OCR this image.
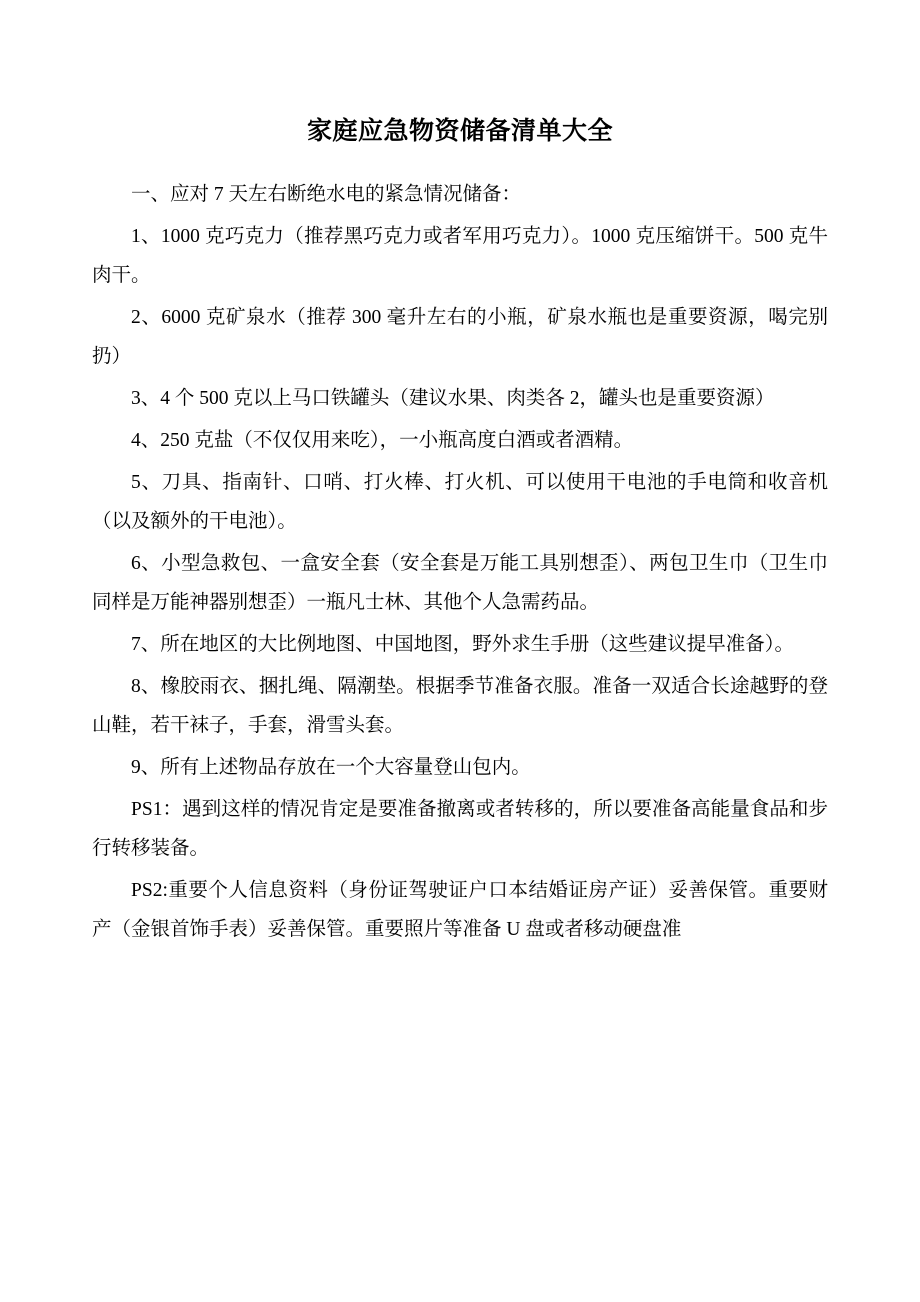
家庭应急物资储备清单大全

一、应对 7 天左右断绝水电的紧急情况储备：

1、1000 克巧克力（推荐黑巧克力或者军用巧克力）。1000 克压缩饼干。500 克牛肉干。

2、6000 克矿泉水（推荐 300 毫升左右的小瓶，矿泉水瓶也是重要资源，喝完别扔）

3、4 个 500 克以上马口铁罐头（建议水果、肉类各 2，罐头也是重要资源）

4、250 克盐（不仅仅用来吃），一小瓶高度白酒或者酒精。

5、刀具、指南针、口哨、打火棒、打火机、可以使用干电池的手电筒和收音机（以及额外的干电池）。

6、小型急救包、一盒安全套（安全套是万能工具别想歪）、两包卫生巾（卫生巾同样是万能神器别想歪）一瓶凡士林、其他个人急需药品。

7、所在地区的大比例地图、中国地图，野外求生手册（这些建议提早准备）。

8、橡胶雨衣、捆扎绳、隔潮垫。根据季节准备衣服。准备一双适合长途越野的登山鞋，若干袜子，手套，滑雪头套。

9、所有上述物品存放在一个大容量登山包内。

PS1：遇到这样的情况肯定是要准备撤离或者转移的，所以要准备高能量食品和步行转移装备。

PS2:重要个人信息资料（身份证驾驶证户口本结婚证房产证）妥善保管。重要财产（金银首饰手表）妥善保管。重要照片等准备 U 盘或者移动硬盘准
